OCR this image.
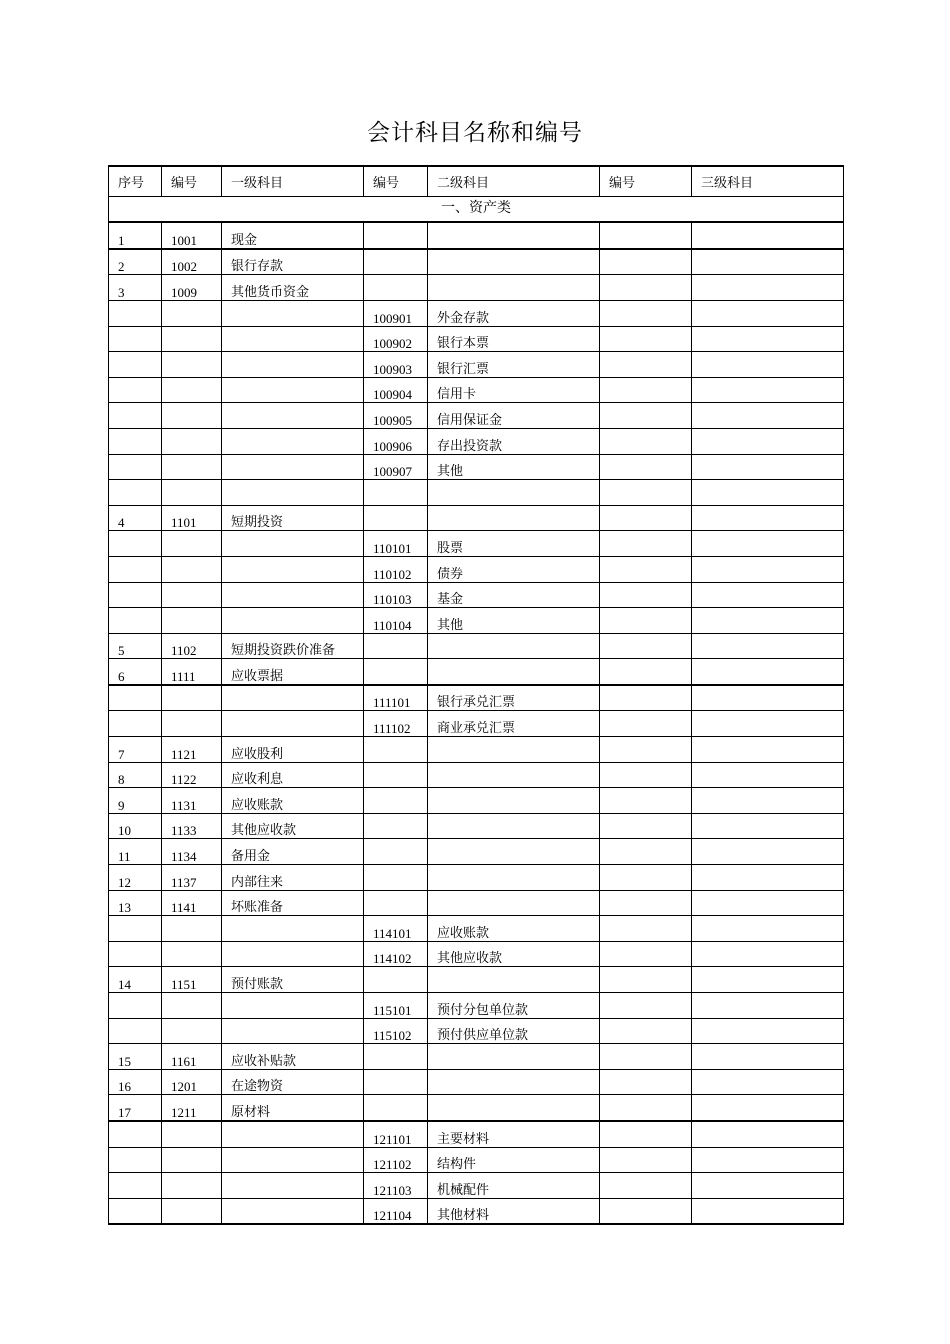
会计科目名称和编号
序号	编号	一级科目	编号	二级科目	编号	三级科目
一、资产类						
1	1001	现金				
2	1002	银行存款				
3	1009	其他货币资金				
			100901	外金存款		
			100902	银行本票		
			100903	银行汇票		
			100904	信用卡		
			100905	信用保证金		
			100906	存出投资款		
			100907	其他		

4	1101	短期投资				
			110101	股票		
			110102	债券		
			110103	基金		
			110104	其他		
5	1102	短期投资跌价准备				
6	1111	应收票据				
			111101	银行承兑汇票		
			111102	商业承兑汇票		
7	1121	应收股利				
8	1122	应收利息				
9	1131	应收账款				
10	1133	其他应收款				
11	1134	备用金				
12	1137	内部往来				
13	1141	坏账准备				
			114101	应收账款		
			114102	其他应收款		
14	1151	预付账款				
			115101	预付分包单位款		
			115102	预付供应单位款		
15	1161	应收补贴款				
16	1201	在途物资				
17	1211	原材料				
			121101	主要材料		
			121102	结构件		
			121103	机械配件		
			121104	其他材料		
